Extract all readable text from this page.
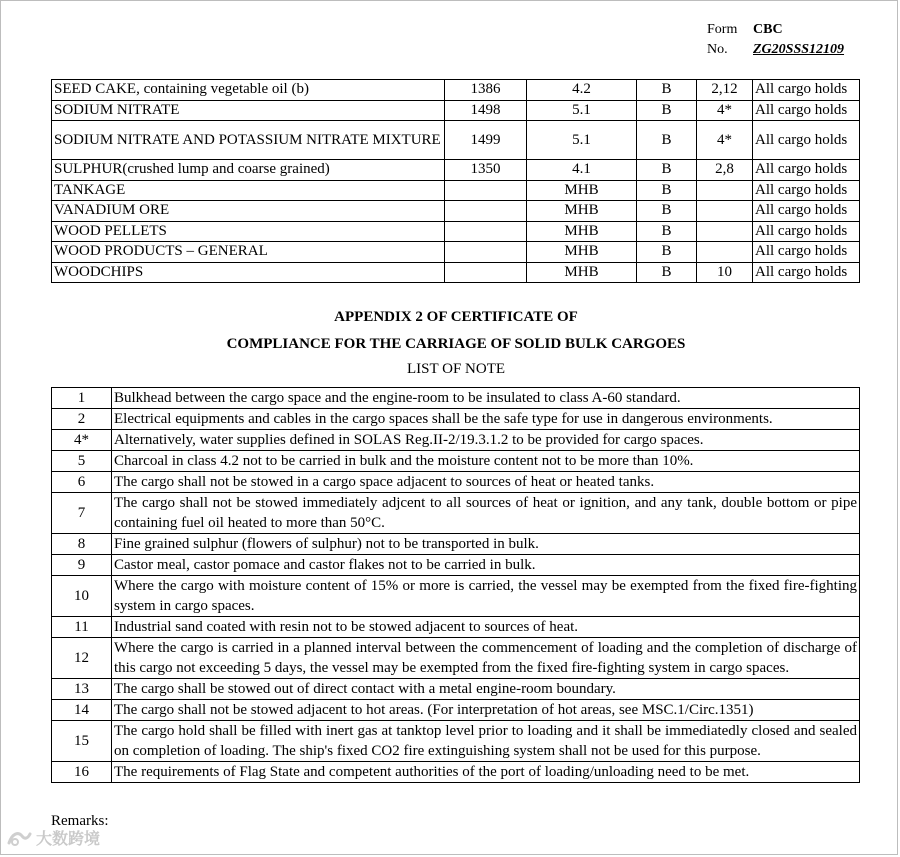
Form	CBC
No.	ZG20SSS12109
SEED CAKE, containing vegetable oil (b)	1386	4.2	B	2,12	All cargo holds
SODIUM NITRATE	1498	5.1	B	4*	All cargo holds
SODIUM NITRATE AND POTASSIUM NITRATE MIXTURE	1499	5.1	B	4*	All cargo holds
SULPHUR(crushed lump and coarse grained)	1350	4.1	B	2,8	All cargo holds
TANKAGE		MHB	B		All cargo holds
VANADIUM ORE		MHB	B		All cargo holds
WOOD PELLETS		MHB	B		All cargo holds
WOOD PRODUCTS – GENERAL		MHB	B		All cargo holds
WOODCHIPS		MHB	B	10	All cargo holds
APPENDIX 2 OF CERTIFICATE OF
COMPLIANCE FOR THE CARRIAGE OF SOLID BULK CARGOES
LIST OF NOTE
1	Bulkhead between the cargo space and the engine-room to be insulated to class A-60 standard.
2	Electrical equipments and cables in the cargo spaces shall be the safe type for use in dangerous environments.
4*	Alternatively, water supplies defined in SOLAS Reg.II-2/19.3.1.2 to be provided for cargo spaces.
5	Charcoal in class 4.2 not to be carried in bulk and the moisture content not to be more than 10%.
6	The cargo shall not be stowed in a cargo space adjacent to sources of heat or heated tanks.
7	The cargo shall not be stowed immediately adjcent to all sources of heat or ignition, and any tank, double bottom or pipe containing fuel oil heated to more than 50°C.
8	Fine grained sulphur (flowers of sulphur) not to be transported in bulk.
9	Castor meal, castor pomace and castor flakes not to be carried in bulk.
10	Where the cargo with moisture content of 15% or more is carried, the vessel may be exempted from the fixed fire-fighting system in cargo spaces.
11	Industrial sand coated with resin not to be stowed adjacent to sources of heat.
12	Where the cargo is carried in a planned interval between the commencement of loading and the completion of discharge of this cargo not exceeding 5 days, the vessel may be exempted from the fixed fire-fighting system in cargo spaces.
13	The cargo shall be stowed out of direct contact with a metal engine-room boundary.
14	The cargo shall not be stowed adjacent to hot areas. (For interpretation of hot areas, see MSC.1/Circ.1351)
15	The cargo hold shall be filled with inert gas at tanktop level prior to loading and it shall be immediatedly closed and sealed on completion of loading. The ship's fixed CO2 fire extinguishing system shall not be used for this purpose.
16	The requirements of Flag State and competent authorities of the port of loading/unloading need to be met.
Remarks:
大数跨境
